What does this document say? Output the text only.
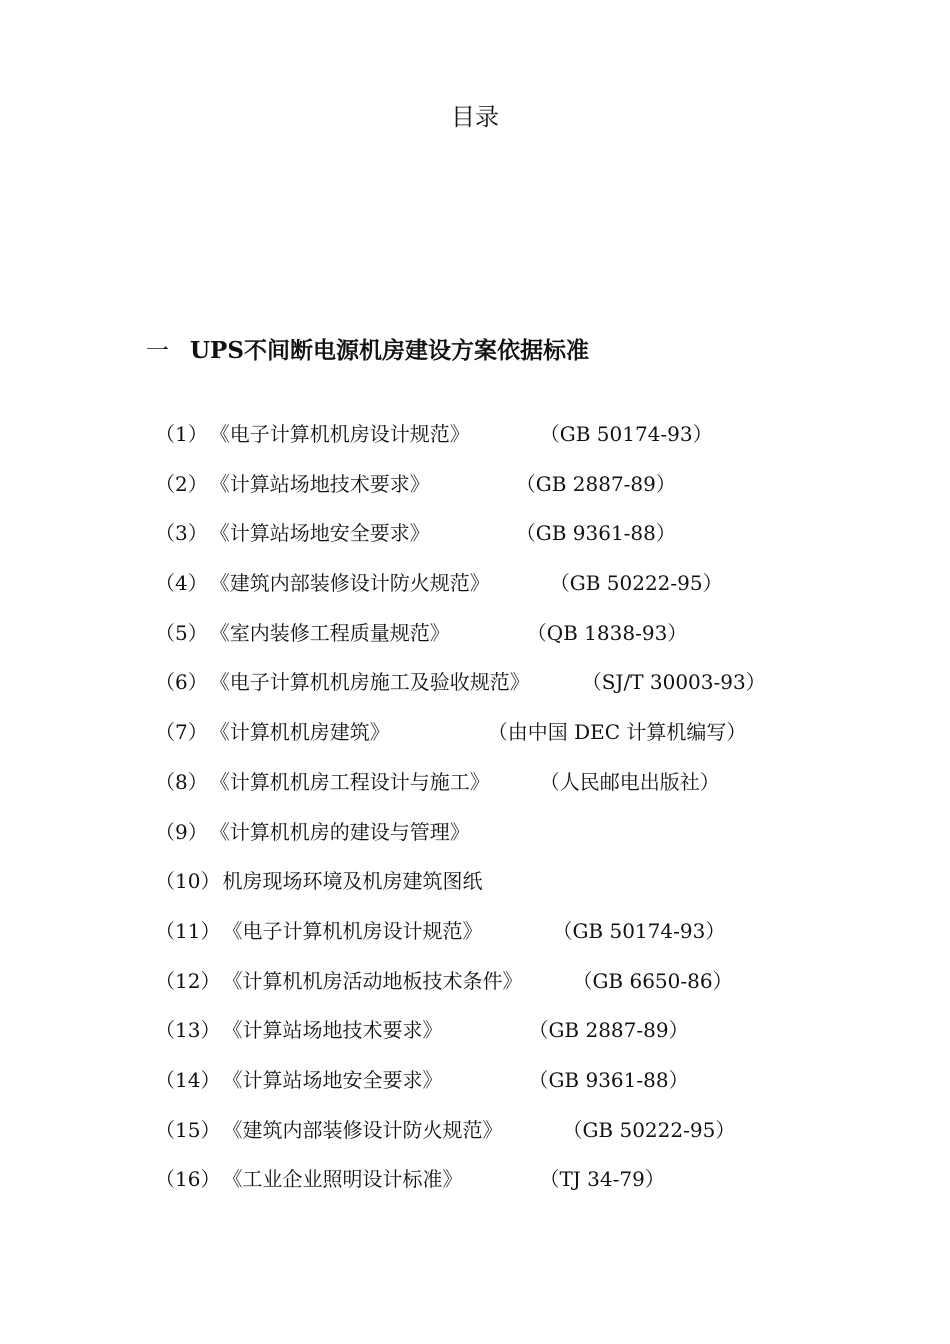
目录
一 UPS不间断电源机房建设方案依据标准
（1） 《电子计算机机房设计规范》	（GB 50174-93）
（2） 《计算站场地技术要求》	（GB 2887-89）
（3） 《计算站场地安全要求》	（GB 9361-88）
（4） 《建筑内部装修设计防火规范》	（GB 50222-95）
（5） 《室内装修工程质量规范》	（QB 1838-93）
（6） 《电子计算机机房施工及验收规范》	（SJ/T 30003-93）
（7） 《计算机机房建筑》	（由中国 DEC 计算机编写）
（8） 《计算机机房工程设计与施工》	（人民邮电出版社）
（9） 《计算机机房的建设与管理》
（10） 机房现场环境及机房建筑图纸
（11） 《电子计算机机房设计规范》	（GB 50174-93）
（12） 《计算机机房活动地板技术条件》	（GB 6650-86）
（13） 《计算站场地技术要求》	（GB 2887-89）
（14） 《计算站场地安全要求》	（GB 9361-88）
（15） 《建筑内部装修设计防火规范》	（GB 50222-95）
（16） 《工业企业照明设计标准》	（TJ 34-79）
